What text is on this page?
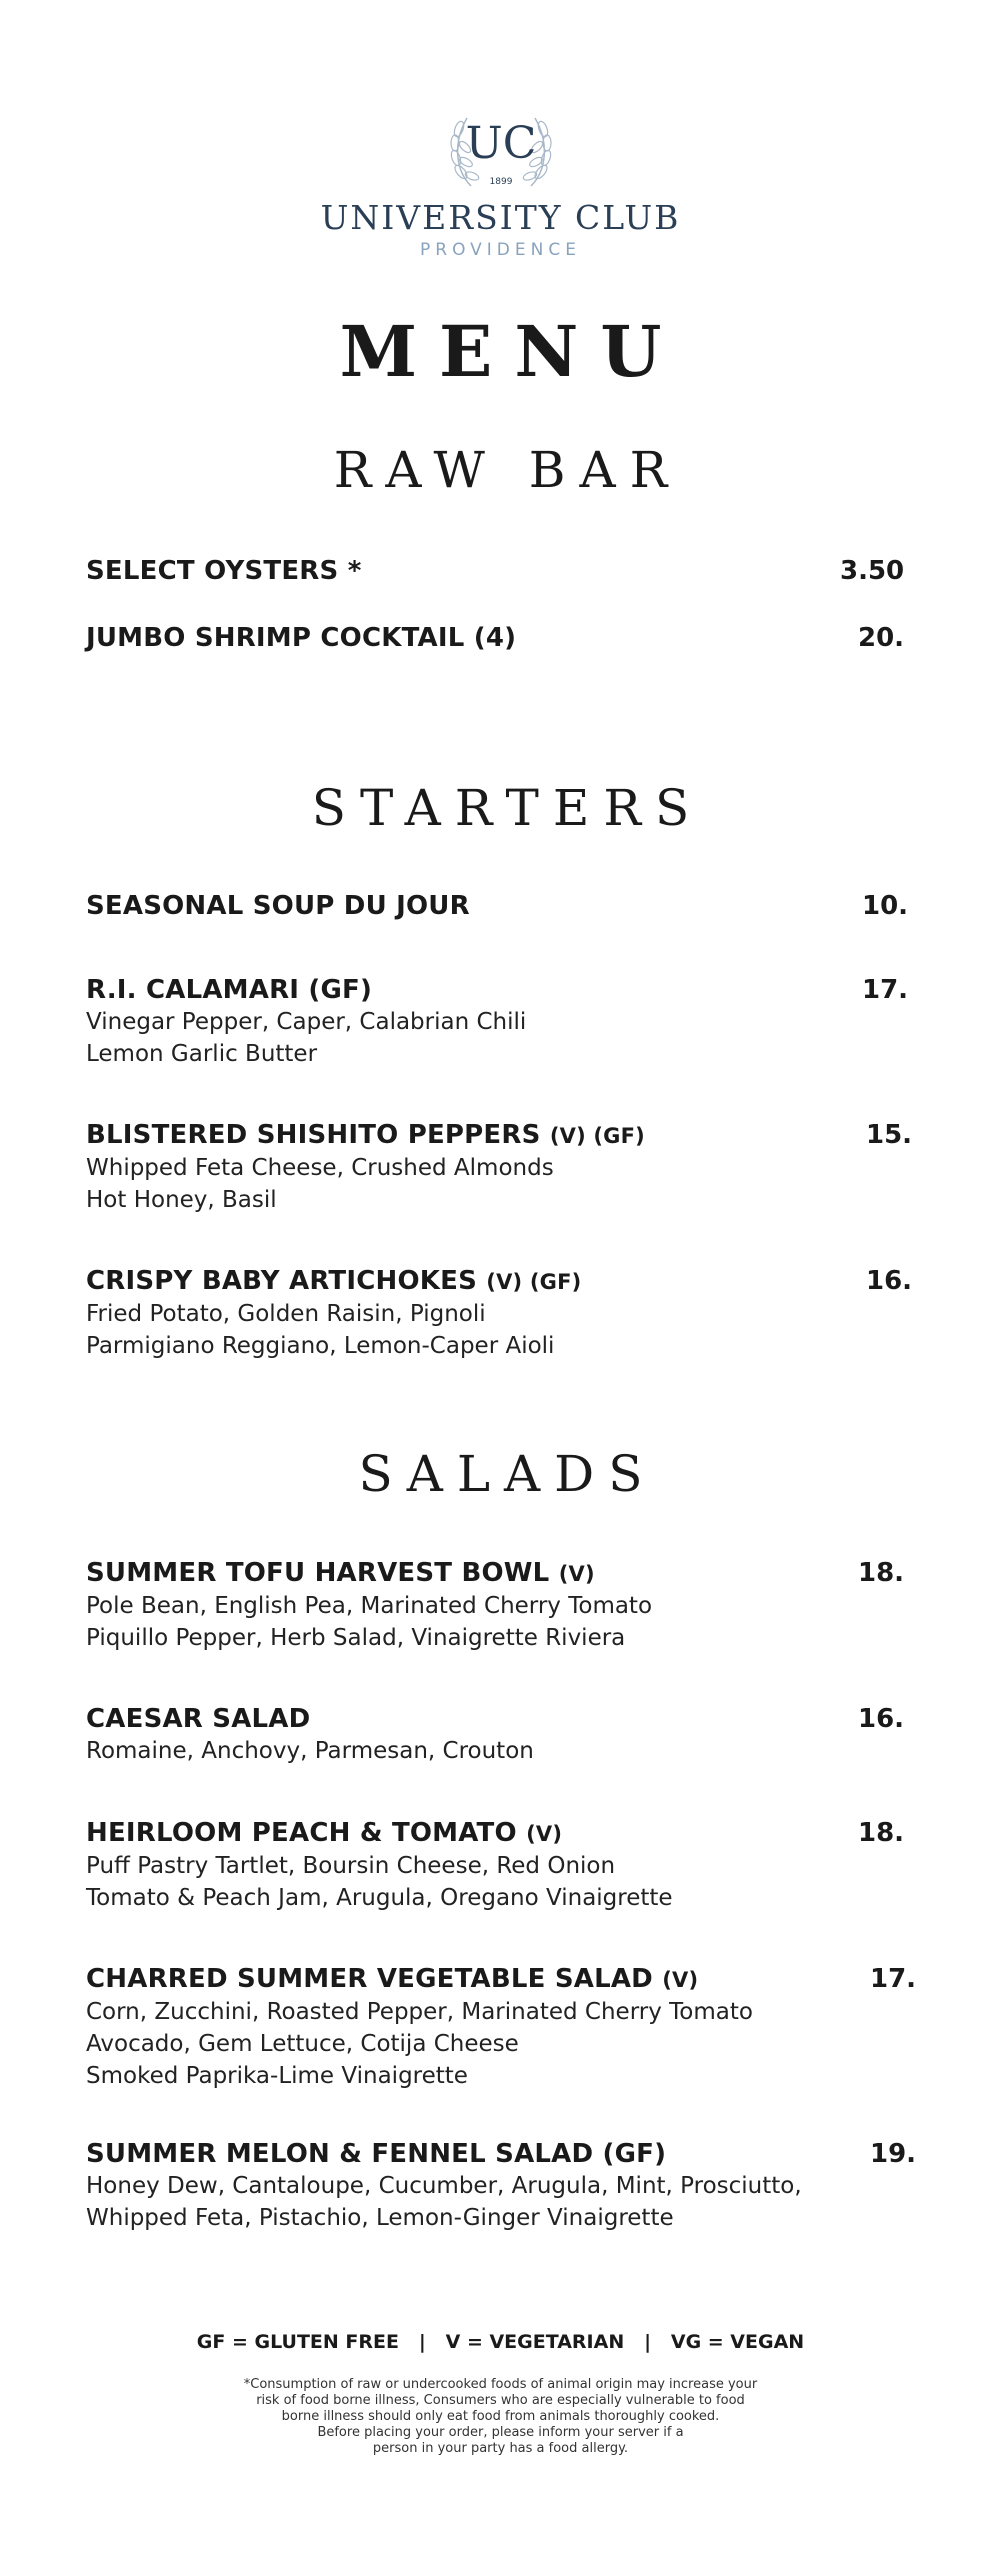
UC
1899
UNIVERSITY CLUB
PROVIDENCE
MENU
RAW BAR
SELECT OYSTERS *	3.50
JUMBO SHRIMP COCKTAIL (4)	20.
STARTERS
SEASONAL SOUP DU JOUR	10.
R.I. CALAMARI (GF)	17.
Vinegar Pepper, Caper, Calabrian Chili
Lemon Garlic Butter
BLISTERED SHISHITO PEPPERS (V) (GF)	15.
Whipped Feta Cheese, Crushed Almonds
Hot Honey, Basil
CRISPY BABY ARTICHOKES (V) (GF)	16.
Fried Potato, Golden Raisin, Pignoli
Parmigiano Reggiano, Lemon-Caper Aioli
SALADS
SUMMER TOFU HARVEST BOWL (V)	18.
Pole Bean, English Pea, Marinated Cherry Tomato
Piquillo Pepper, Herb Salad, Vinaigrette Riviera
CAESAR SALAD	16.
Romaine, Anchovy, Parmesan, Crouton
HEIRLOOM PEACH & TOMATO (V)	18.
Puff Pastry Tartlet, Boursin Cheese, Red Onion
Tomato & Peach Jam, Arugula, Oregano Vinaigrette
CHARRED SUMMER VEGETABLE SALAD (V)	17.
Corn, Zucchini, Roasted Pepper, Marinated Cherry Tomato
Avocado, Gem Lettuce, Cotija Cheese
Smoked Paprika-Lime Vinaigrette
SUMMER MELON & FENNEL SALAD (GF)	19.
Honey Dew, Cantaloupe, Cucumber, Arugula, Mint, Prosciutto,
Whipped Feta, Pistachio, Lemon-Ginger Vinaigrette
GF = GLUTEN FREE   |   V = VEGETARIAN   |   VG = VEGAN
*Consumption of raw or undercooked foods of animal origin may increase your
risk of food borne illness, Consumers who are especially vulnerable to food
borne illness should only eat food from animals thoroughly cooked.
Before placing your order, please inform your server if a
person in your party has a food allergy.
